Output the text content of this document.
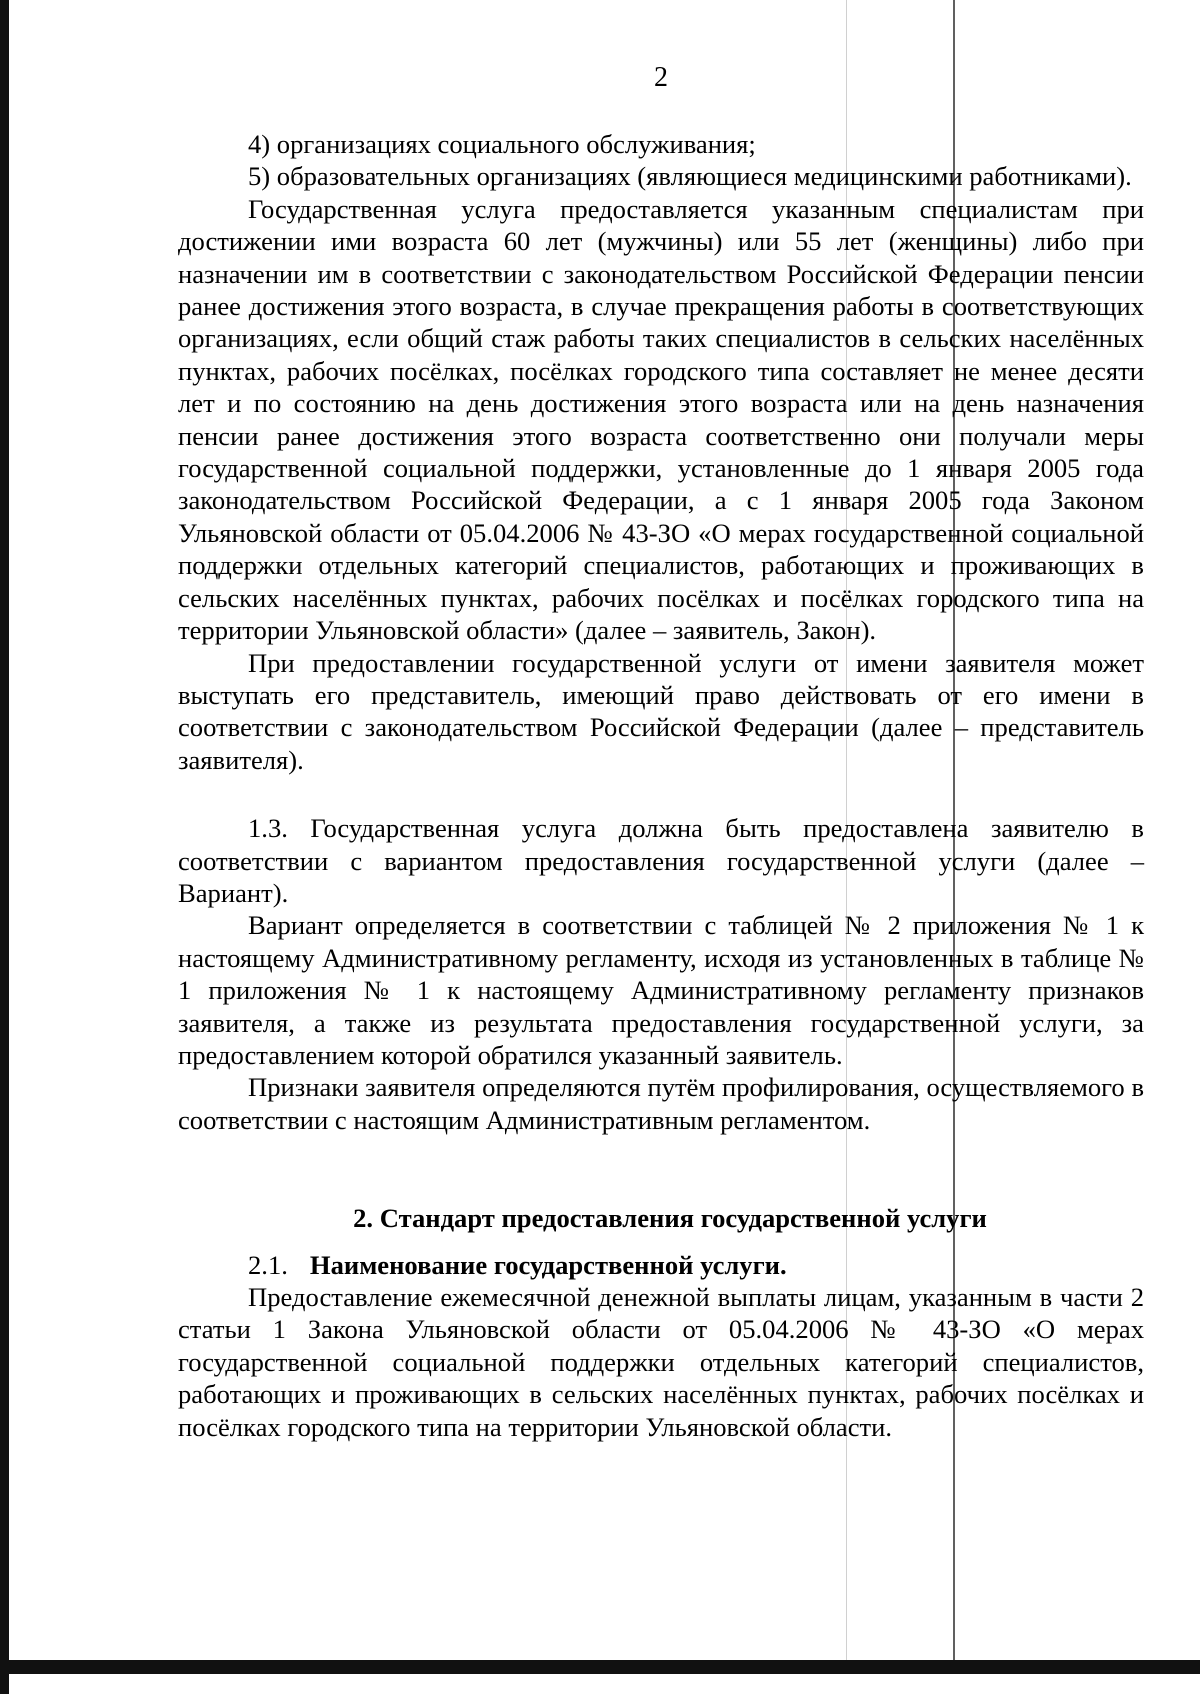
2

4) организациях социального обслуживания;

5) образовательных организациях (являющиеся медицинскими работниками).

Государственная услуга предоставляется указанным специалистам при достижении ими возраста 60 лет (мужчины) или 55 лет (женщины) либо при назначении им в соответствии с законодательством Российской Федерации пенсии ранее достижения этого возраста, в случае прекращения работы в соответствующих организациях, если общий стаж работы таких специалистов в сельских населённых пунктах, рабочих посёлках, посёлках городского типа составляет не менее десяти лет и по состоянию на день достижения этого возраста или на день назначения пенсии ранее достижения этого возраста соответственно они получали меры государственной социальной поддержки, установленные до 1 января 2005 года законодательством Российской Федерации, а с 1 января 2005 года Законом Ульяновской области от 05.04.2006 № 43-ЗО «О мерах государственной социальной поддержки отдельных категорий специалистов, работающих и проживающих в сельских населённых пунктах, рабочих посёлках и посёлках городского типа на территории Ульяновской области» (далее – заявитель, Закон).

При предоставлении государственной услуги от имени заявителя может выступать его представитель, имеющий право действовать от его имени в соответствии с законодательством Российской Федерации (далее – представитель заявителя).

1.3. Государственная услуга должна быть предоставлена заявителю в соответствии с вариантом предоставления государственной услуги (далее – Вариант).

Вариант определяется в соответствии с таблицей № 2 приложения № 1 к настоящему Административному регламенту, исходя из установленных в таблице № 1 приложения № 1 к настоящему Административному регламенту признаков заявителя, а также из результата предоставления государственной услуги, за предоставлением которой обратился указанный заявитель.

Признаки заявителя определяются путём профилирования, осуществляемого в соответствии с настоящим Административным регламентом.

2. Стандарт предоставления государственной услуги

2.1. Наименование государственной услуги.

Предоставление ежемесячной денежной выплаты лицам, указанным в части 2 статьи 1 Закона Ульяновской области от 05.04.2006 № 43-ЗО «О мерах государственной социальной поддержки отдельных категорий специалистов, работающих и проживающих в сельских населённых пунктах, рабочих посёлках и посёлках городского типа на территории Ульяновской области.
